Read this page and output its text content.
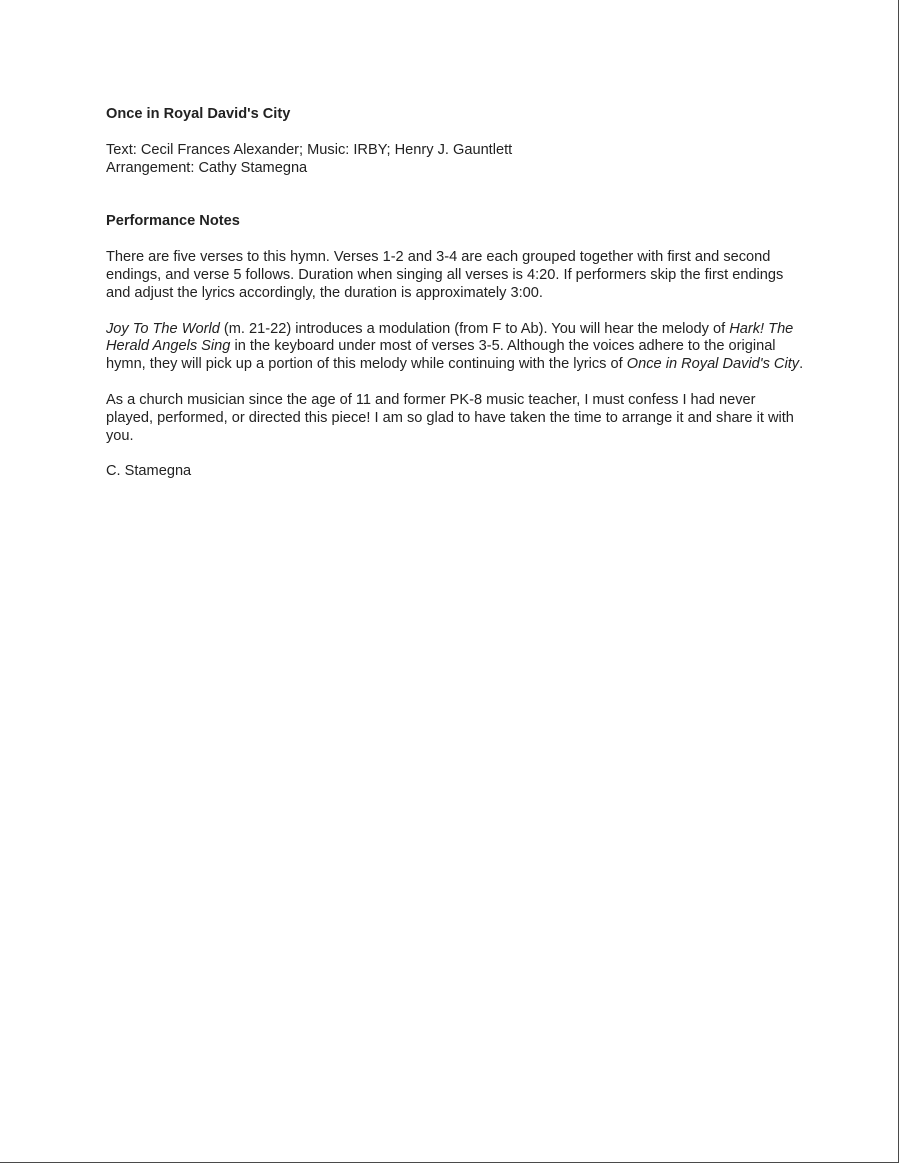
Once in Royal David's City
Text: Cecil Frances Alexander; Music: IRBY; Henry J. Gauntlett
Arrangement: Cathy Stamegna
Performance Notes

There are five verses to this hymn. Verses 1-2 and 3-4 are each grouped together with first and second endings, and verse 5 follows. Duration when singing all verses is 4:20. If performers skip the first endings and adjust the lyrics accordingly, the duration is approximately 3:00.

Joy To The World (m. 21-22) introduces a modulation (from F to Ab). You will hear the melody of Hark! The Herald Angels Sing in the keyboard under most of verses 3-5. Although the voices adhere to the original hymn, they will pick up a portion of this melody while continuing with the lyrics of Once in Royal David's City.

As a church musician since the age of 11 and former PK-8 music teacher, I must confess I had never played, performed, or directed this piece! I am so glad to have taken the time to arrange it and share it with you.

C. Stamegna
